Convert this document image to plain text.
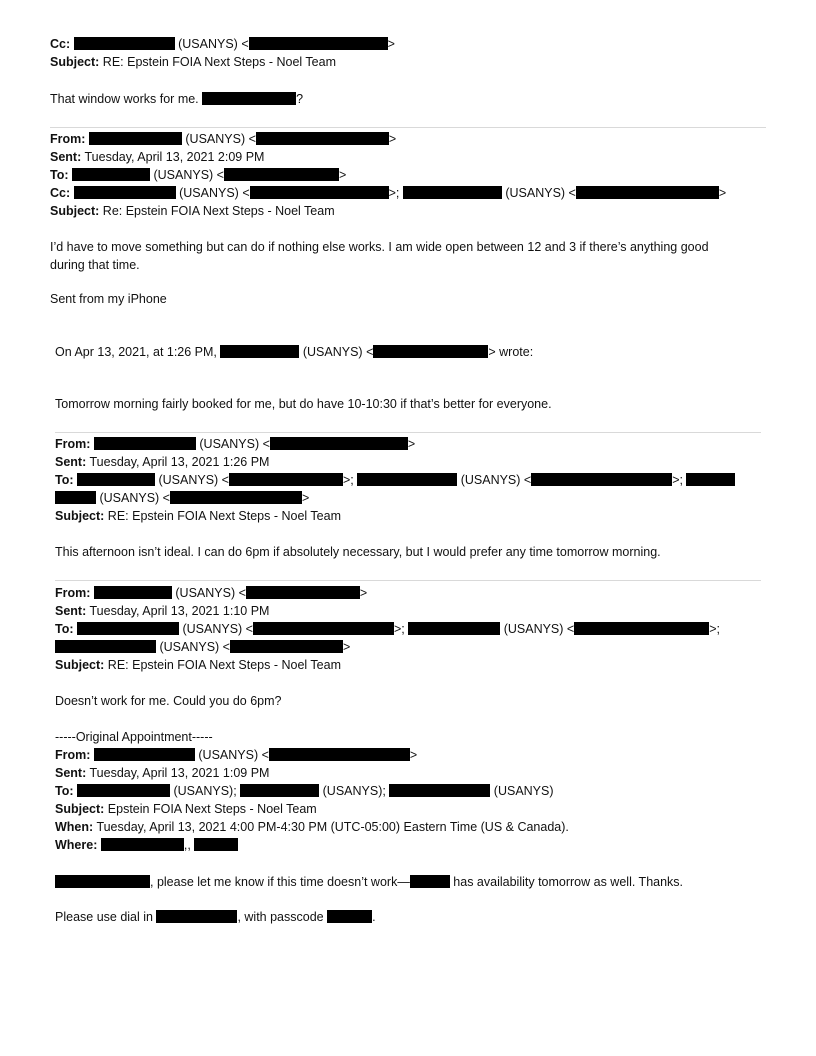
Cc:	(USANYS) <	>
Subject: RE: Epstein FOIA Next Steps - Noel Team
That window works for me.	?
From:	(USANYS) <	>
Sent: Tuesday, April 13, 2021 2:09 PM
To:	(USANYS) <	>
Cc:	(USANYS) <	>;	(USANYS) <	>
Subject: Re: Epstein FOIA Next Steps - Noel Team
I’d have to move something but can do if nothing else works. I am wide open between 12 and 3 if there’s anything good
during that time.
Sent from my iPhone
On Apr 13, 2021, at 1:26 PM,	(USANYS) <	> wrote:
Tomorrow morning fairly booked for me, but do have 10-10:30 if that’s better for everyone.
From:	(USANYS) <	>
Sent: Tuesday, April 13, 2021 1:26 PM
To:	(USANYS) <	>;	(USANYS) <	>;
(USANYS) <	>
Subject: RE: Epstein FOIA Next Steps - Noel Team
This afternoon isn’t ideal. I can do 6pm if absolutely necessary, but I would prefer any time tomorrow morning.
From:	(USANYS) <	>
Sent: Tuesday, April 13, 2021 1:10 PM
To:	(USANYS) <	>;	(USANYS) <	>;
(USANYS) <	>
Subject: RE: Epstein FOIA Next Steps - Noel Team
Doesn’t work for me. Could you do 6pm?
-----Original Appointment-----
From:	(USANYS) <	>
Sent: Tuesday, April 13, 2021 1:09 PM
To:	(USANYS);	(USANYS);	(USANYS)
Subject: Epstein FOIA Next Steps - Noel Team
When: Tuesday, April 13, 2021 4:00 PM-4:30 PM (UTC-05:00) Eastern Time (US & Canada).
Where:	,,
, please let me know if this time doesn’t work—	has availability tomorrow as well. Thanks.
Please use dial in	, with passcode	.
